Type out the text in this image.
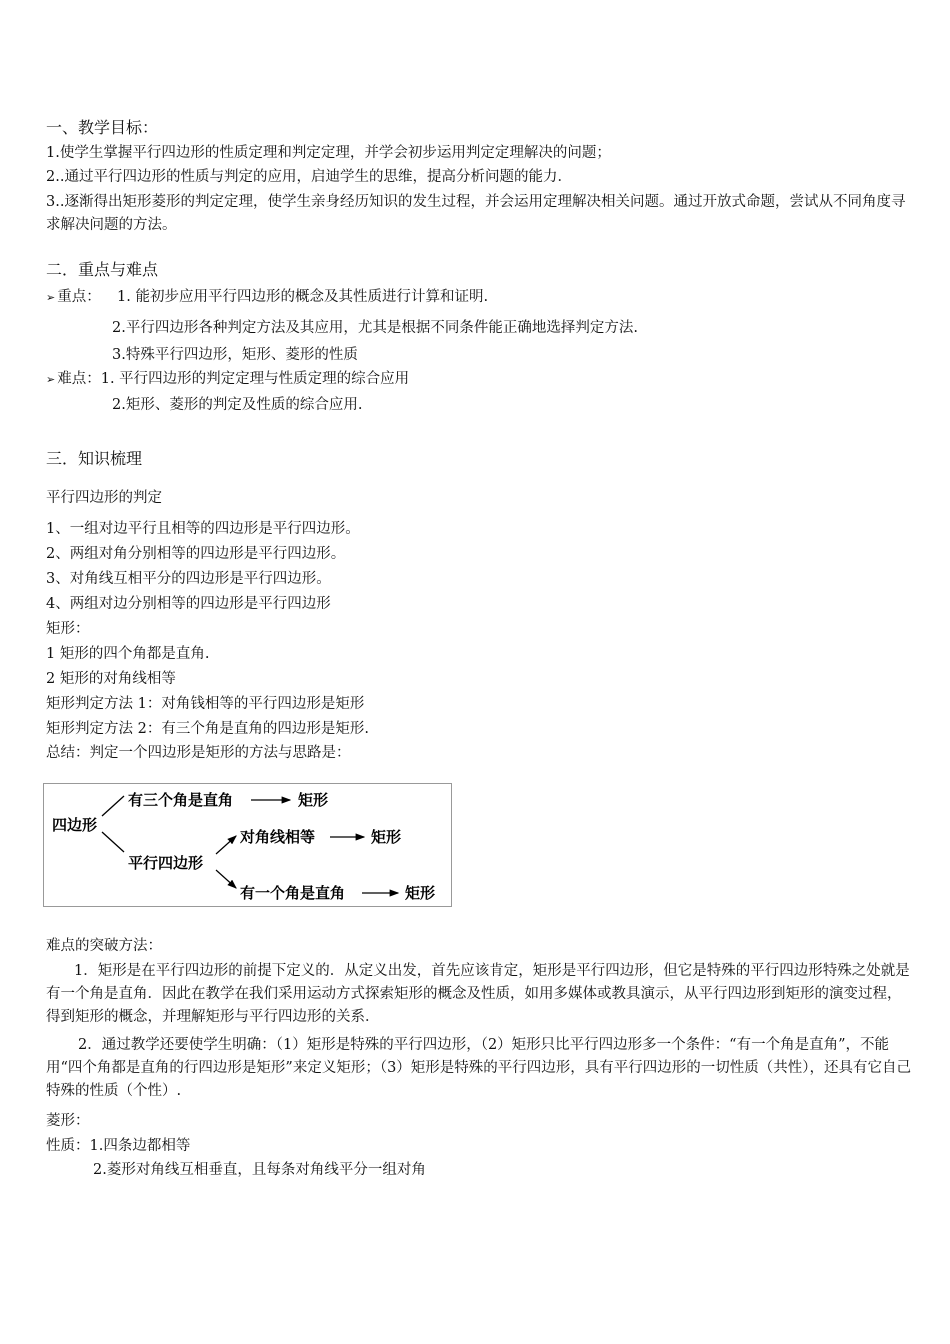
一、教学目标：
1.使学生掌握平行四边形的性质定理和判定定理，并学会初步运用判定定理解决的问题；
2..通过平行四边形的性质与判定的应用，启迪学生的思维，提高分析问题的能力．
3..逐渐得出矩形菱形的判定定理，使学生亲身经历知识的发生过程，并会运用定理解决相关问题。通过开放式命题，尝试从不同角度寻求解决问题的方法。
二．重点与难点
➢ 重点： 1. 能初步应用平行四边形的概念及其性质进行计算和证明.
2.平行四边形各种判定方法及其应用，尤其是根据不同条件能正确地选择判定方法.
3.特殊平行四边形，矩形、菱形的性质
➢ 难点：1. 平行四边形的判定定理与性质定理的综合应用
2.矩形、菱形的判定及性质的综合应用.
三．知识梳理
平行四边形的判定
1、一组对边平行且相等的四边形是平行四边形。
2、两组对角分别相等的四边形是平行四边形。
3、对角线互相平分的四边形是平行四边形。
4、两组对边分别相等的四边形是平行四边形
矩形：
1 矩形的四个角都是直角.
2 矩形的对角线相等
矩形判定方法 1：对角钱相等的平行四边形是矩形
矩形判定方法 2：有三个角是直角的四边形是矩形.
总结：判定一个四边形是矩形的方法与思路是：
四边形
有三个角是直角	矩形
平行四边形
对角线相等	矩形
有一个角是直角	矩形
难点的突破方法：
1．矩形是在平行四边形的前提下定义的．从定义出发，首先应该肯定，矩形是平行四边形，但它是特殊的平行四边形特殊之处就是有一个角是直角．因此在教学在我们采用运动方式探索矩形的概念及性质，如用多媒体或教具演示，从平行四边形到矩形的演变过程，得到矩形的概念，并理解矩形与平行四边形的关系．
2．通过教学还要使学生明确：（1）矩形是特殊的平行四边形，（2）矩形只比平行四边形多一个条件：“有一个角是直角”，不能用“四个角都是直角的行四边形是矩形”来定义矩形；（3）矩形是特殊的平行四边形，具有平行四边形的一切性质（共性），还具有它自己特殊的性质（个性）.
菱形：
性质：1.四条边都相等
2.菱形对角线互相垂直，且每条对角线平分一组对角
